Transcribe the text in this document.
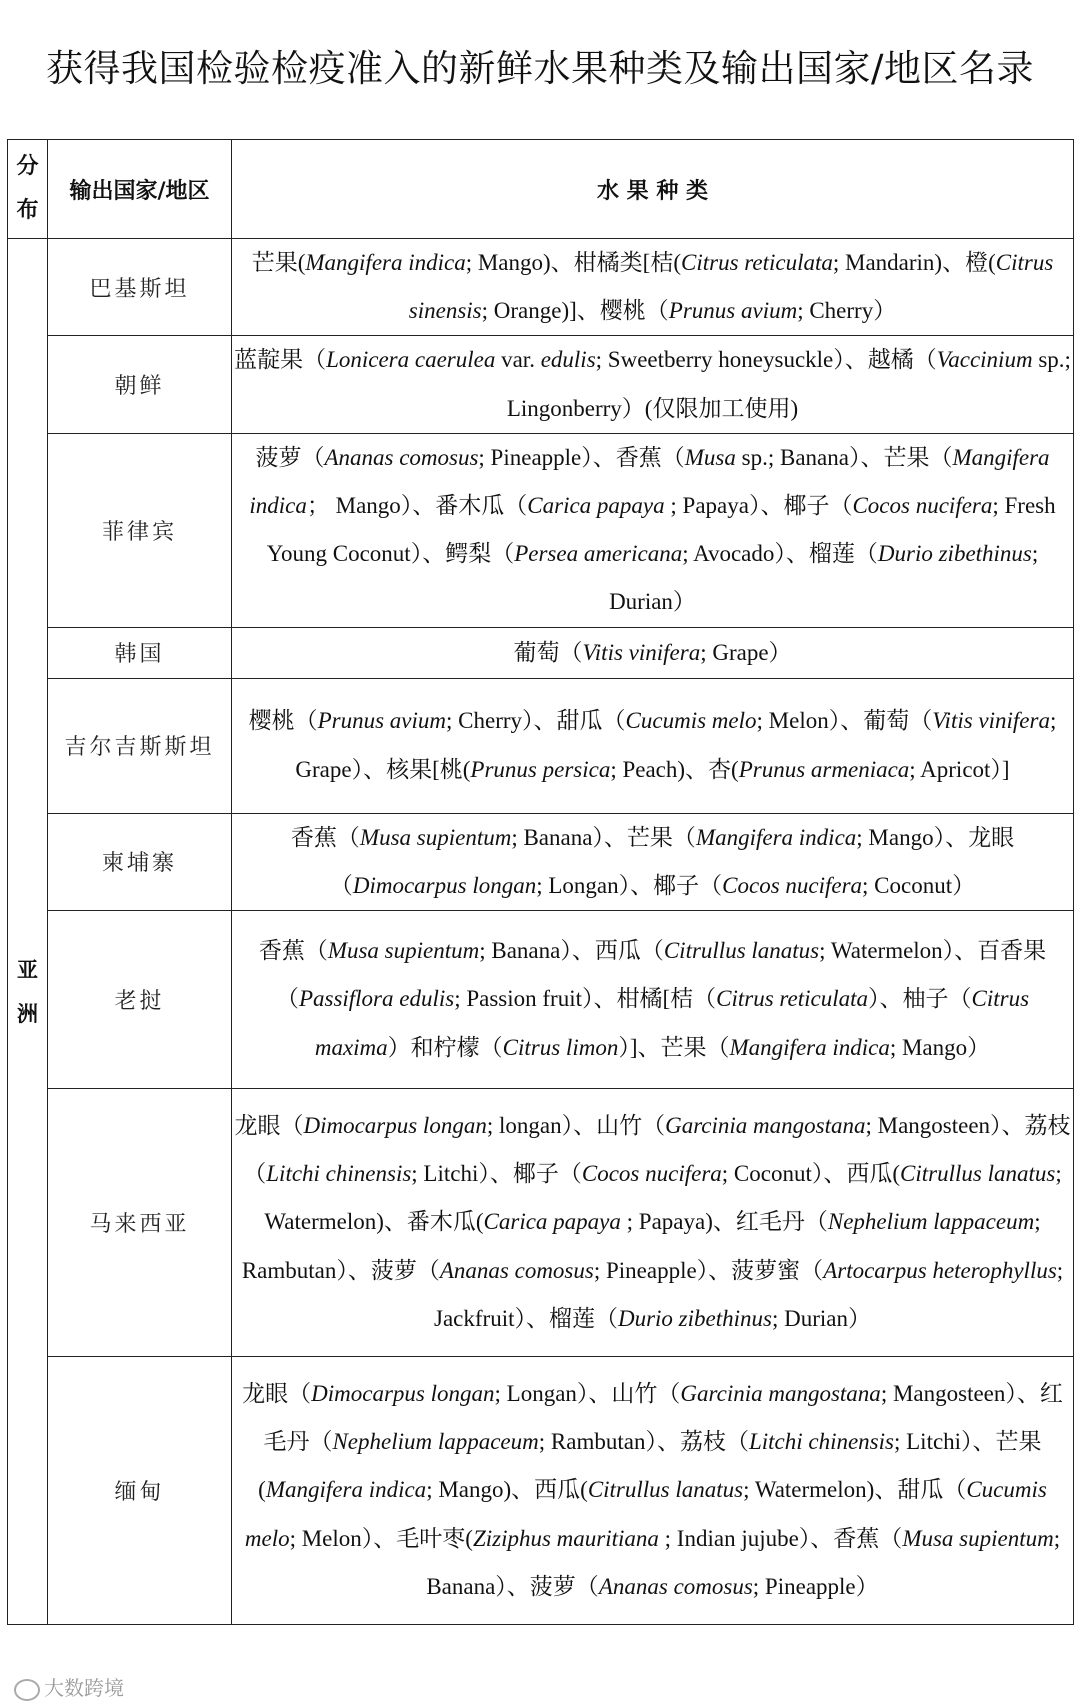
获得我国检验检疫准入的新鲜水果种类及输出国家/地区名录
分
布	输出国家/地区	水 果 种 类
亚
洲	巴基斯坦	芒果(Mangifera indica; Mango)、柑橘类[桔(Citrus reticulata; Mandarin)、橙(Citrus sinensis; Orange)]、樱桃（Prunus avium; Cherry）
	朝鲜	蓝靛果（Lonicera caerulea var. edulis; Sweetberry honeysuckle）、越橘（Vaccinium sp.; Lingonberry）(仅限加工使用)
	菲律宾	菠萝（Ananas comosus; Pineapple）、香蕉（Musa sp.; Banana）、芒果（Mangifera indica； Mango）、番木瓜（Carica papaya ; Papaya）、椰子（Cocos nucifera; Fresh Young Coconut）、鳄梨（Persea americana; Avocado）、榴莲（Durio zibethinus; Durian）
	韩国	葡萄（Vitis vinifera; Grape）
	吉尔吉斯斯坦	樱桃（Prunus avium; Cherry）、甜瓜（Cucumis melo; Melon）、葡萄（Vitis vinifera; Grape）、核果[桃(Prunus persica; Peach)、杏(Prunus armeniaca; Apricot）]
	柬埔寨	香蕉（Musa supientum; Banana）、芒果（Mangifera indica; Mango）、龙眼（Dimocarpus longan; Longan）、椰子（Cocos nucifera; Coconut）
	老挝	香蕉（Musa supientum; Banana）、西瓜（Citrullus lanatus; Watermelon）、百香果（Passiflora edulis; Passion fruit）、柑橘[桔（Citrus reticulata）、柚子（Citrus maxima）和柠檬（Citrus limon）]、芒果（Mangifera indica; Mango）
	马来西亚	龙眼（Dimocarpus longan; longan）、山竹（Garcinia mangostana; Mangosteen）、荔枝（Litchi chinensis; Litchi）、椰子（Cocos nucifera; Coconut）、西瓜(Citrullus lanatus; Watermelon)、番木瓜(Carica papaya ; Papaya)、红毛丹（Nephelium lappaceum; Rambutan）、菠萝（Ananas comosus; Pineapple）、菠萝蜜（Artocarpus heterophyllus; Jackfruit）、榴莲（Durio zibethinus; Durian）
	缅甸	龙眼（Dimocarpus longan; Longan）、山竹（Garcinia mangostana; Mangosteen）、红毛丹（Nephelium lappaceum; Rambutan）、荔枝（Litchi chinensis; Litchi）、芒果(Mangifera indica; Mango)、西瓜(Citrullus lanatus; Watermelon)、甜瓜（Cucumis melo; Melon）、毛叶枣(Ziziphus mauritiana ; Indian jujube）、香蕉（Musa supientum; Banana）、菠萝（Ananas comosus; Pineapple）
大数跨境
